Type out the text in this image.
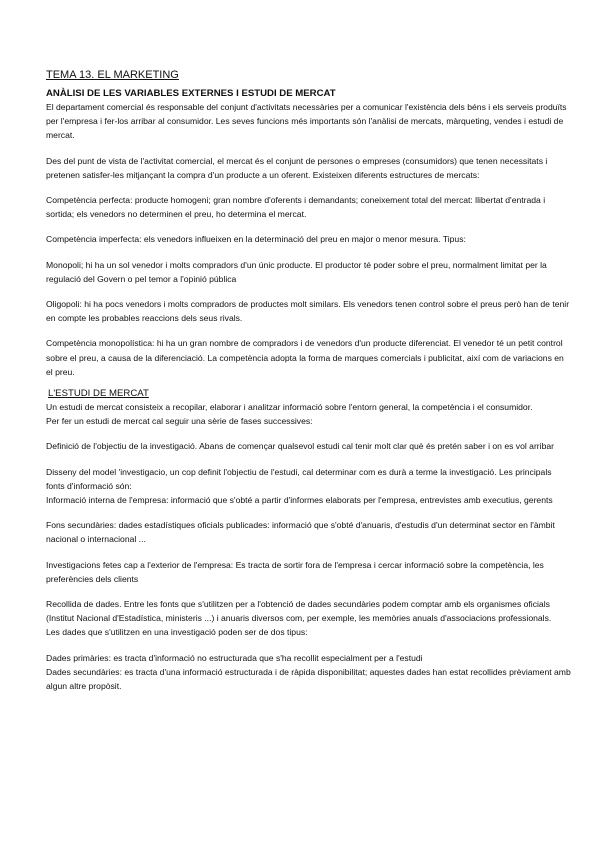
TEMA 13. EL MARKETING
ANÀLISI DE LES VARIABLES EXTERNES I ESTUDI DE MERCAT

El departament comercial és responsable del conjunt d'activitats necessàries per a comunicar l'existència dels béns i els serveis produïts per l'empresa i fer-los arribar al consumidor. Les seves funcions més importants són l'anàlisi de mercats, màrqueting, vendes i estudi de mercat.

Des del punt de vista de l'activitat comercial, el mercat és el conjunt de persones o empreses (consumidors) que tenen necessitats i pretenen satisfer-les mitjançant la compra d'un producte a un oferent. Existeixen diferents estructures de mercats:

Competència perfecta: producte homogeni; gran nombre d'oferents i demandants; coneixement total del mercat: llibertat d'entrada i sortida; els venedors no determinen el preu, ho determina el mercat.

Competència imperfecta: els venedors influeixen en la determinació del preu en major o menor mesura. Tipus:

Monopoli; hi ha un sol venedor i molts compradors d'un únic producte. El productor té poder sobre el preu, normalment limitat per la regulació del Govern o pel temor a l'opinió pública

Oligopoli: hi ha pocs venedors i molts compradors de productes molt similars. Els venedors tenen control sobre el preus però han de tenir en compte les probables reaccions dels seus rivals.

Competència monopolística: hi ha un gran nombre de compradors i de venedors d'un producte diferenciat. El venedor té un petit control sobre el preu, a causa de la diferenciació. La competència adopta la forma de marques comercials i publicitat, així com de variacions en el preu.

L'ESTUDI DE MERCAT

Un estudi de mercat consisteix a recopilar, elaborar i analitzar informació sobre l'entorn general, la competència i el consumidor.

Per fer un estudi de mercat cal seguir una sèrie de fases successives:

Definició de l'objectiu de la investigació. Abans de començar qualsevol estudi cal tenir molt clar què és pretén saber i on es vol arribar

Disseny del model 'investigacio, un cop definit l'objectiu de l'estudi, cal determinar com es durà a terme la investigació. Les principals fonts d'informació són:

Informació interna de l'empresa: informació que s'obté a partir d'informes elaborats per l'empresa, entrevistes amb executius, gerents

Fons secundàries: dades estadístiques oficials publicades: informació que s'obté d'anuaris, d'estudis d'un determinat sector en l'àmbit nacional o internacional ...

Investigacions fetes cap a l'exterior de l'empresa: Es tracta de sortir fora de l'empresa i cercar informació sobre la competència, les preferències dels clients

Recollida de dades. Entre les fonts que s'utilitzen per a l'obtenció de dades secundàries podem comptar amb els organismes oficials (Institut Nacional d'Estadística, ministeris ...) i anuaris diversos com, per exemple, les memòries anuals d'associacions professionals.

Les dades que s'utilitzen en una investigació poden ser de dos tipus:

Dades primàries: es tracta d'informació no estructurada que s'ha recollit especialment per a l'estudi

Dades secundàries: es tracta d'una informació estructurada i de ràpida disponibilitat; aquestes dades han estat recollides prèviament amb algun altre propòsit.
